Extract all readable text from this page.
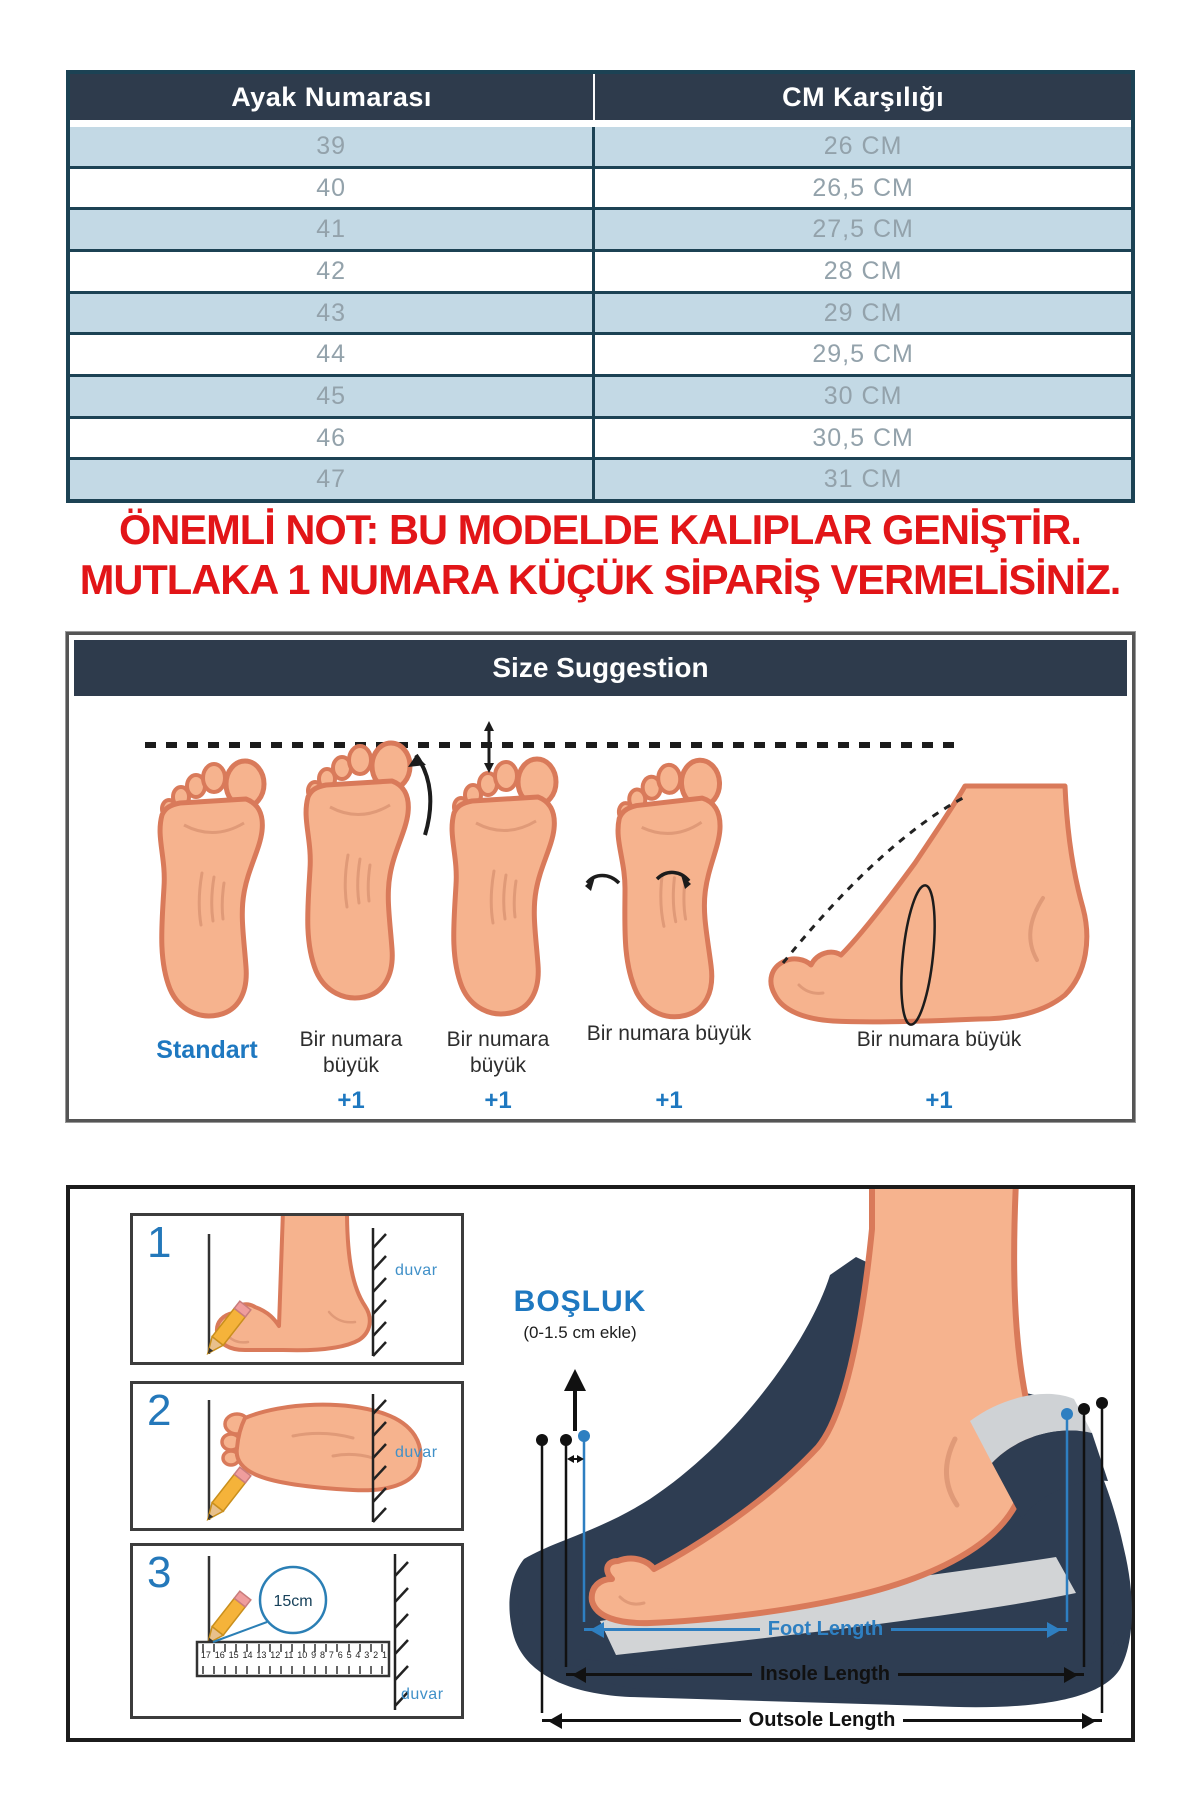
Ayak Numarası	CM Karşılığı
39	26 CM
40	26,5 CM
41	27,5 CM
42	28 CM
43	29 CM
44	29,5 CM
45	30 CM
46	30,5 CM
47	31 CM
ÖNEMLİ NOT: BU MODELDE KALIPLAR GENİŞTİR.
MUTLAKA 1 NUMARA KÜÇÜK SİPARİŞ VERMELİSİNİZ.
Size Suggestion
Standart	Bir numara büyük
Bir numara büyük
Bir numara büyük	Bir numara büyük
+1	+1	+1	+1
1
duvar
2
duvar
15cm
3
17 16 15 14 13 12 11 10 9 8 7 6 5 4 3 2 1
duvar
BOŞLUK
(0-1.5 cm ekle)
Foot Length
Insole Length
Outsole Length
